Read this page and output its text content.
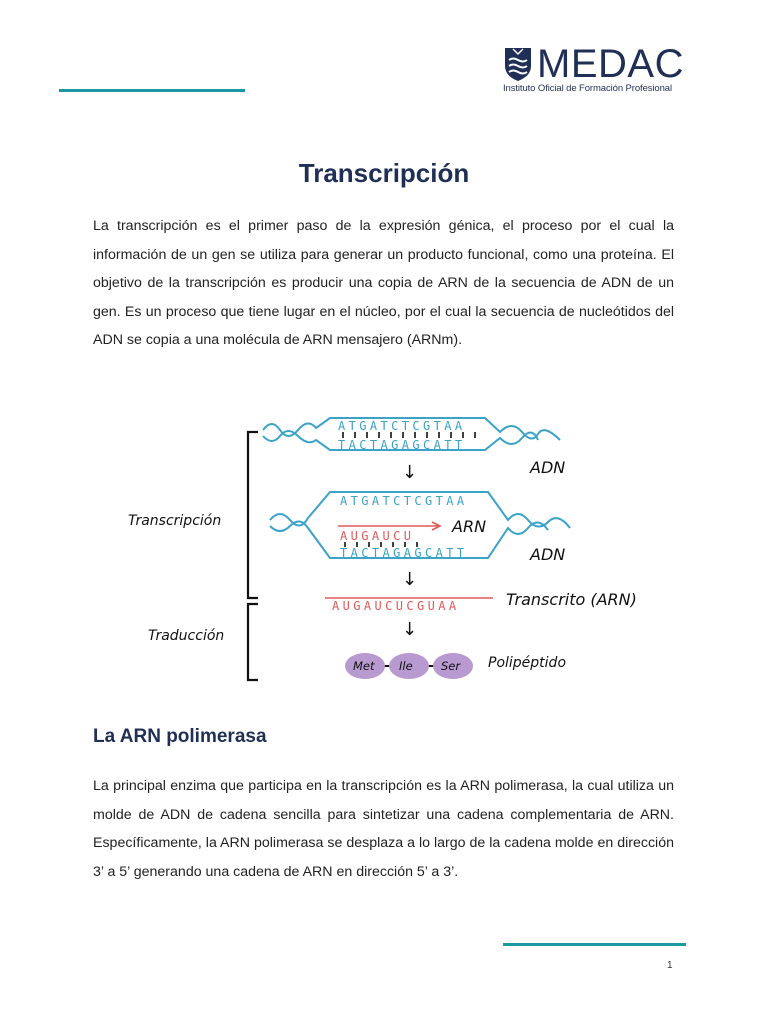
MEDAC
Instituto Oficial de Formación Profesional
Transcripción

La transcripción es el primer paso de la expresión génica, el proceso por el cual la información de un gen se utiliza para generar un producto funcional, como una proteína. El objetivo de la transcripción es producir una copia de ARN de la secuencia de ADN de un gen. Es un proceso que tiene lugar en el núcleo, por el cual la secuencia de nucleótidos del ADN se copia a una molécula de ARN mensajero (ARNm).

Transcripción
Traducción
ATGATCTCGTAA
TACTAGAGCATT
↓	ADN
ATGATCTCGTAA
AUGAUCU
TACTAGAGCATT
ARN
ADN
↓
AUGAUCUCGUAA	Transcrito (ARN)
↓
Met Ile Ser Polipéptido
La ARN polimerasa

La principal enzima que participa en la transcripción es la ARN polimerasa, la cual utiliza un molde de ADN de cadena sencilla para sintetizar una cadena complementaria de ARN. Específicamente, la ARN polimerasa se desplaza a lo largo de la cadena molde en dirección 3’ a 5’ generando una cadena de ARN en dirección 5’ a 3’.

1
